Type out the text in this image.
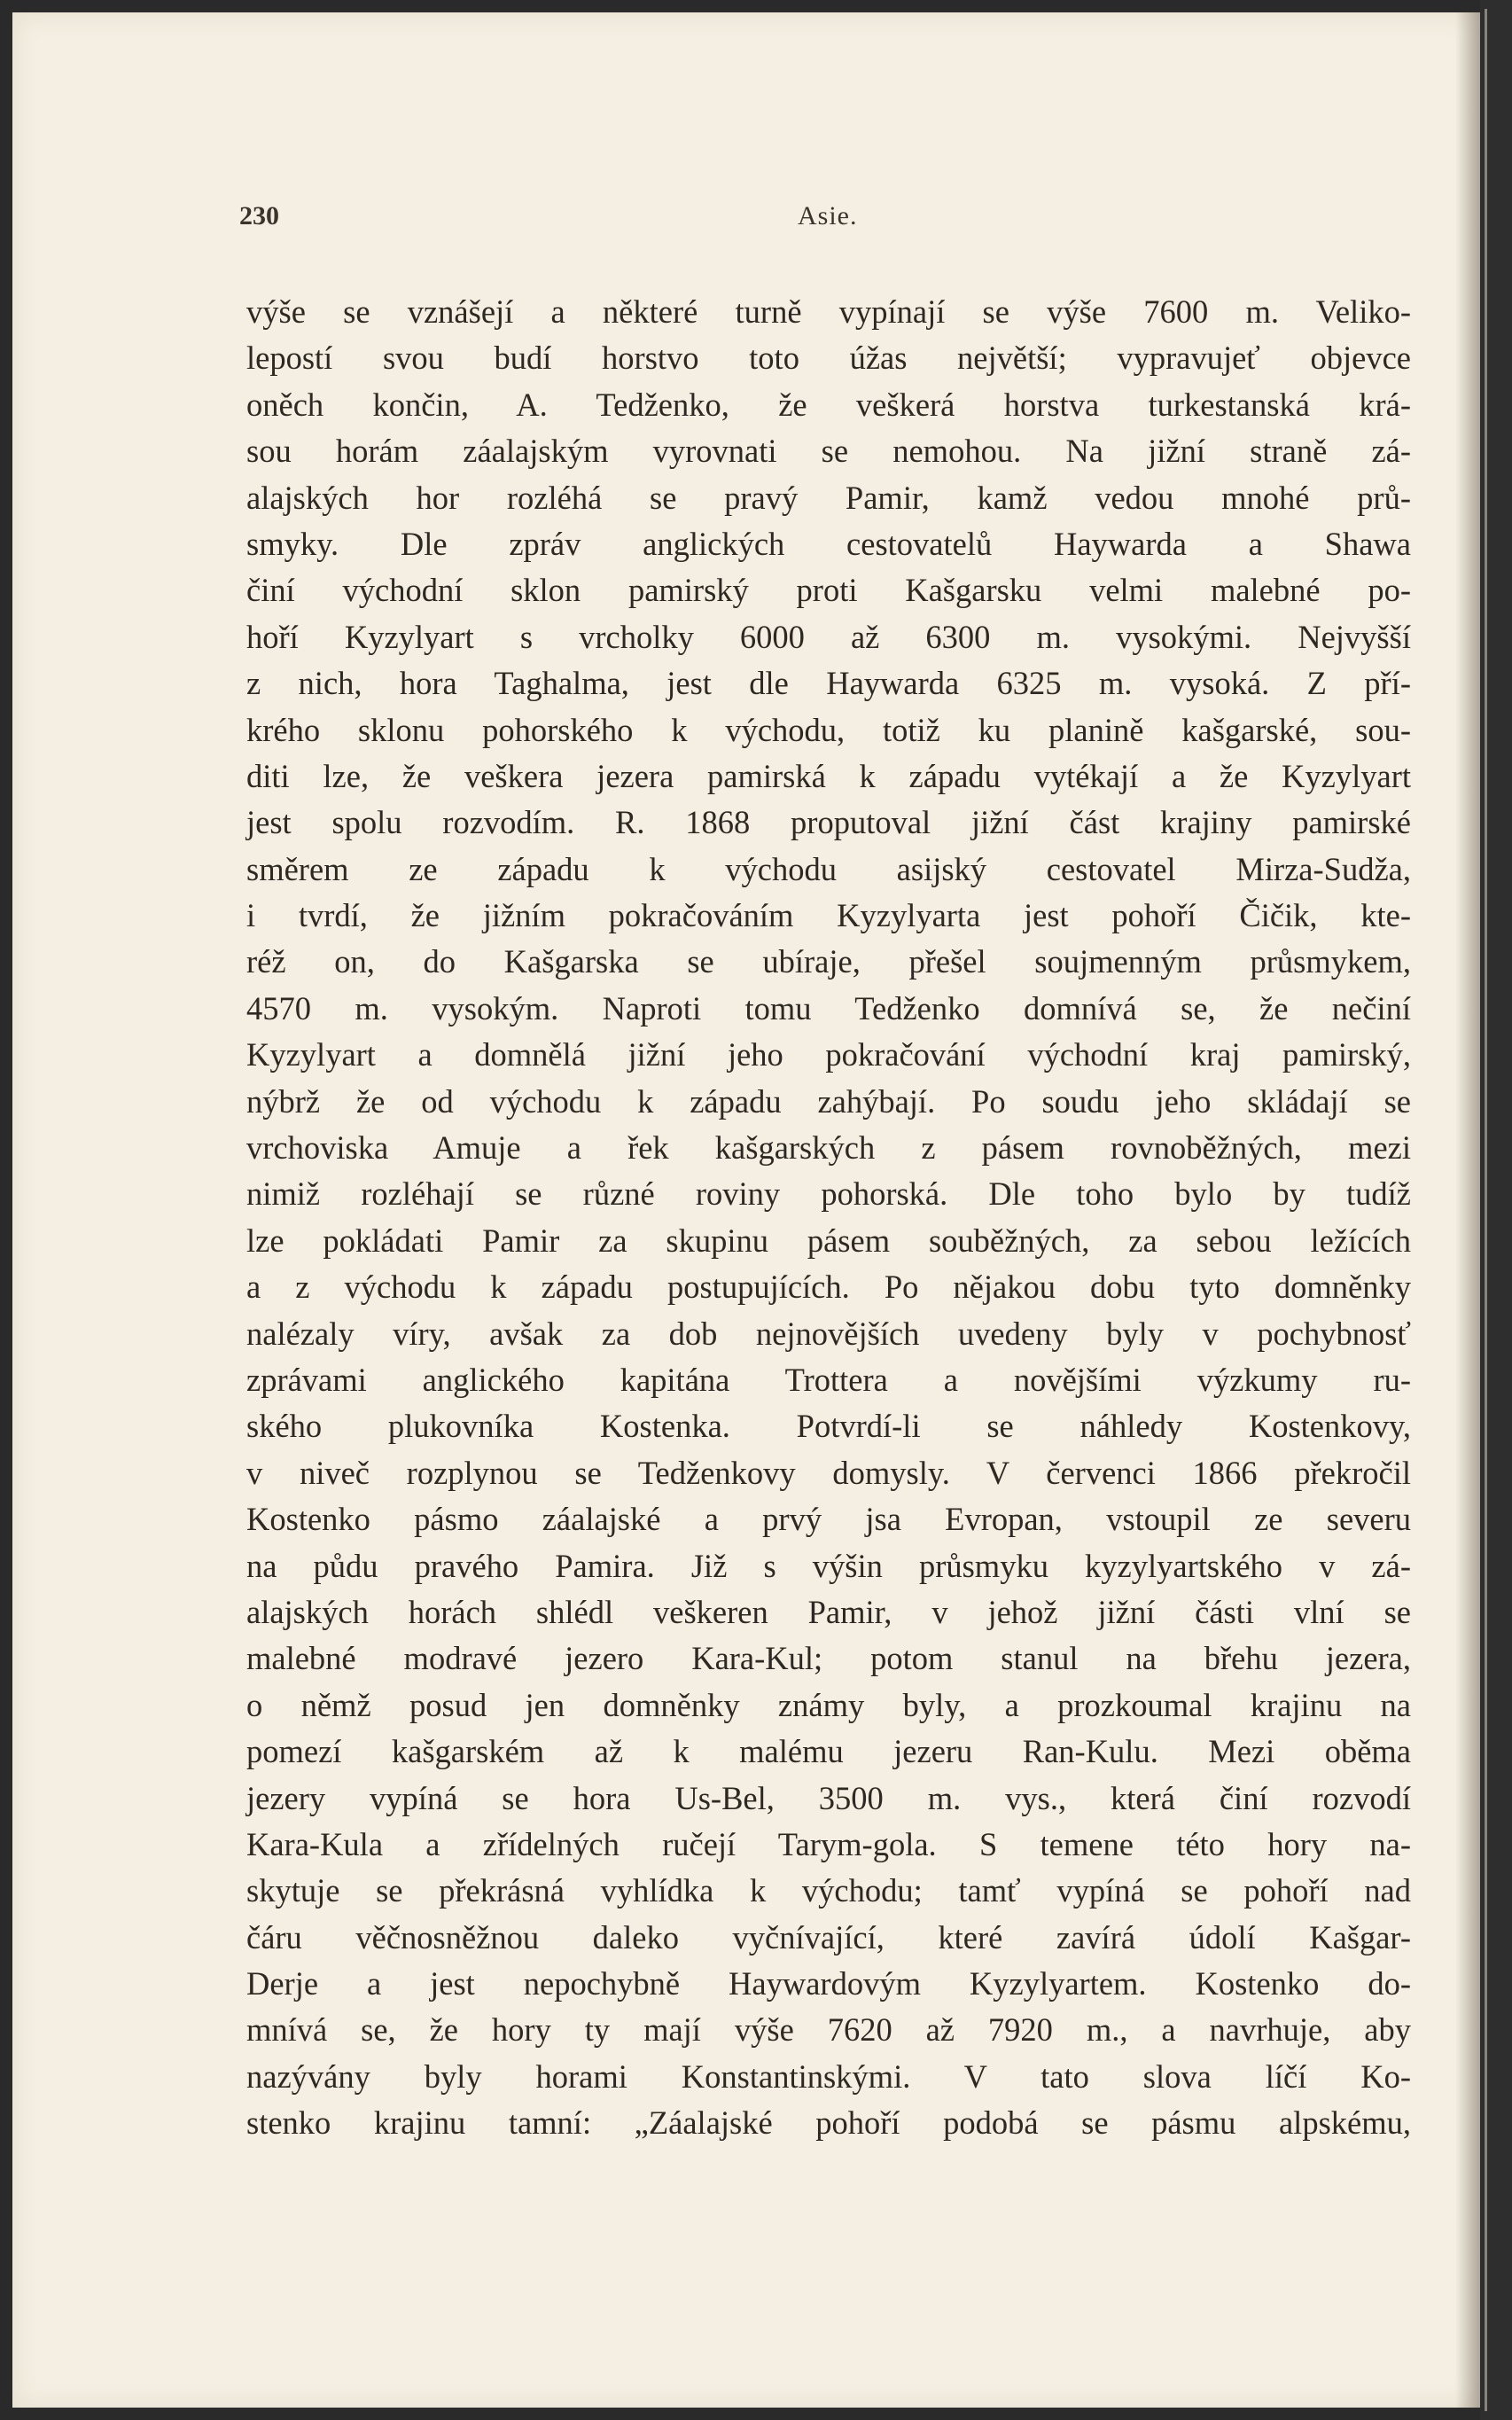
230	Asie.
výše se vznášejí a některé turně vypínají se výše 7600 m. Veliko-
lepostí svou budí horstvo toto úžas největší; vypravujeť objevce
oněch končin, A. Tedženko, že veškerá horstva turkestanská krá-
sou horám záalajským vyrovnati se nemohou. Na jižní straně zá-
alajských hor rozléhá se pravý Pamir, kamž vedou mnohé prů-
smyky. Dle zpráv anglických cestovatelů Haywarda a Shawa
činí východní sklon pamirský proti Kašgarsku velmi malebné po-
hoří Kyzylyart s vrcholky 6000 až 6300 m. vysokými. Nejvyšší
z nich, hora Taghalma, jest dle Haywarda 6325 m. vysoká. Z pří-
krého sklonu pohorského k východu, totiž ku planině kašgarské, sou-
diti lze, že veškera jezera pamirská k západu vytékají a že Kyzylyart
jest spolu rozvodím. R. 1868 proputoval jižní část krajiny pamirské
směrem ze západu k východu asijský cestovatel Mirza-Sudža,
i tvrdí, že jižním pokračováním Kyzylyarta jest pohoří Čičik, kte-
réž on, do Kašgarska se ubíraje, přešel soujmenným průsmykem,
4570 m. vysokým. Naproti tomu Tedženko domnívá se, že nečiní
Kyzylyart a domnělá jižní jeho pokračování východní kraj pamirský,
nýbrž že od východu k západu zahýbají. Po soudu jeho skládají se
vrchoviska Amuje a řek kašgarských z pásem rovnoběžných, mezi
nimiž rozléhají se různé roviny pohorská. Dle toho bylo by tudíž
lze pokládati Pamir za skupinu pásem souběžných, za sebou ležících
a z východu k západu postupujících. Po nějakou dobu tyto domněnky
nalézaly víry, avšak za dob nejnovějších uvedeny byly v pochybnosť
zprávami anglického kapitána Trottera a novějšími výzkumy ru-
ského plukovníka Kostenka. Potvrdí-li se náhledy Kostenkovy,
v niveč rozplynou se Tedženkovy domysly. V červenci 1866 překročil
Kostenko pásmo záalajské a prvý jsa Evropan, vstoupil ze severu
na půdu pravého Pamira. Již s výšin průsmyku kyzylyartského v zá-
alajských horách shlédl veškeren Pamir, v jehož jižní části vlní se
malebné modravé jezero Kara-Kul; potom stanul na břehu jezera,
o němž posud jen domněnky známy byly, a prozkoumal krajinu na
pomezí kašgarském až k malému jezeru Ran-Kulu. Mezi oběma
jezery vypíná se hora Us-Bel, 3500 m. vys., která činí rozvodí
Kara-Kula a zřídelných ručejí Tarym-gola. S temene této hory na-
skytuje se překrásná vyhlídka k východu; tamť vypíná se pohoří nad
čáru věčnosněžnou daleko vyčnívající, které zavírá údolí Kašgar-
Derje a jest nepochybně Haywardovým Kyzylyartem. Kostenko do-
mnívá se, že hory ty mají výše 7620 až 7920 m., a navrhuje, aby
nazývány byly horami Konstantinskými. V tato slova líčí Ko-
stenko krajinu tamní: „Záalajské pohoří podobá se pásmu alpskému,
